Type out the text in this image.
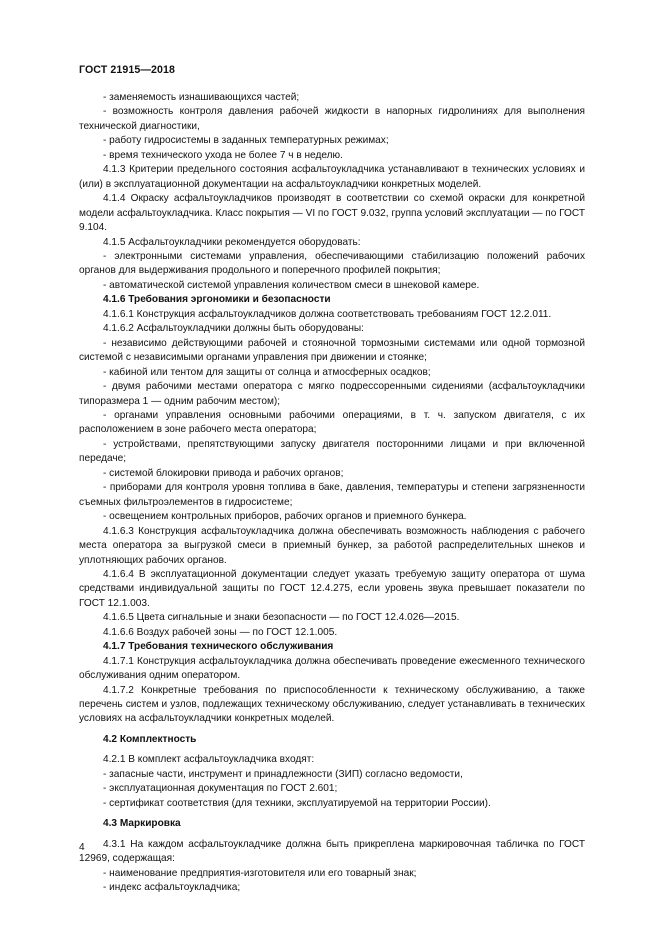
ГОСТ 21915—2018

- заменяемость изнашивающихся частей;

- возможность контроля давления рабочей жидкости в напорных гидролиниях для выполнения технической диагностики,

- работу гидросистемы в заданных температурных режимах;

- время технического ухода не более 7 ч в неделю.

4.1.3 Критерии предельного состояния асфальтоукладчика устанавливают в технических условиях и (или) в эксплуатационной документации на асфальтоукладчики конкретных моделей.

4.1.4 Окраску асфальтоукладчиков производят в соответствии со схемой окраски для конкретной модели асфальтоукладчика. Класс покрытия — VI по ГОСТ 9.032, группа условий эксплуатации — по ГОСТ 9.104.

4.1.5 Асфальтоукладчики рекомендуется оборудовать:

- электронными системами управления, обеспечивающими стабилизацию положений рабочих органов для выдерживания продольного и поперечного профилей покрытия;

- автоматической системой управления количеством смеси в шнековой камере.

4.1.6 Требования эргономики и безопасности

4.1.6.1 Конструкция асфальтоукладчиков должна соответствовать требованиям ГОСТ 12.2.011.

4.1.6.2 Асфальтоукладчики должны быть оборудованы:

- независимо действующими рабочей и стояночной тормозными системами или одной тормозной системой с независимыми органами управления при движении и стоянке;

- кабиной или тентом для защиты от солнца и атмосферных осадков;

- двумя рабочими местами оператора с мягко подрессоренными сидениями (асфальтоукладчики типоразмера 1 — одним рабочим местом);

- органами управления основными рабочими операциями, в т. ч. запуском двигателя, с их расположением в зоне рабочего места оператора;

- устройствами, препятствующими запуску двигателя посторонними лицами и при включенной передаче;

- системой блокировки привода и рабочих органов;

- приборами для контроля уровня топлива в баке, давления, температуры и степени загрязненности съемных фильтроэлементов в гидросистеме;

- освещением контрольных приборов, рабочих органов и приемного бункера.

4.1.6.3 Конструкция асфальтоукладчика должна обеспечивать возможность наблюдения с рабочего места оператора за выгрузкой смеси в приемный бункер, за работой распределительных шнеков и уплотняющих рабочих органов.

4.1.6.4 В эксплуатационной документации следует указать требуемую защиту оператора от шума средствами индивидуальной защиты по ГОСТ 12.4.275, если уровень звука превышает показатели по ГОСТ 12.1.003.

4.1.6.5 Цвета сигнальные и знаки безопасности — по ГОСТ 12.4.026—2015.

4.1.6.6 Воздух рабочей зоны — по ГОСТ 12.1.005.

4.1.7 Требования технического обслуживания

4.1.7.1 Конструкция асфальтоукладчика должна обеспечивать проведение ежесменного технического обслуживания одним оператором.

4.1.7.2 Конкретные требования по приспособленности к техническому обслуживанию, а также перечень систем и узлов, подлежащих техническому обслуживанию, следует устанавливать в технических условиях на асфальтоукладчики конкретных моделей.

4.2 Комплектность

4.2.1 В комплект асфальтоукладчика входят:

- запасные части, инструмент и принадлежности (ЗИП) согласно ведомости,

- эксплуатационная документация по ГОСТ 2.601;

- сертификат соответствия (для техники, эксплуатируемой на территории России).

4.3 Маркировка

4.3.1 На каждом асфальтоукладчике должна быть прикреплена маркировочная табличка по ГОСТ 12969, содержащая:

- наименование предприятия-изготовителя или его товарный знак;

- индекс асфальтоукладчика;

4
